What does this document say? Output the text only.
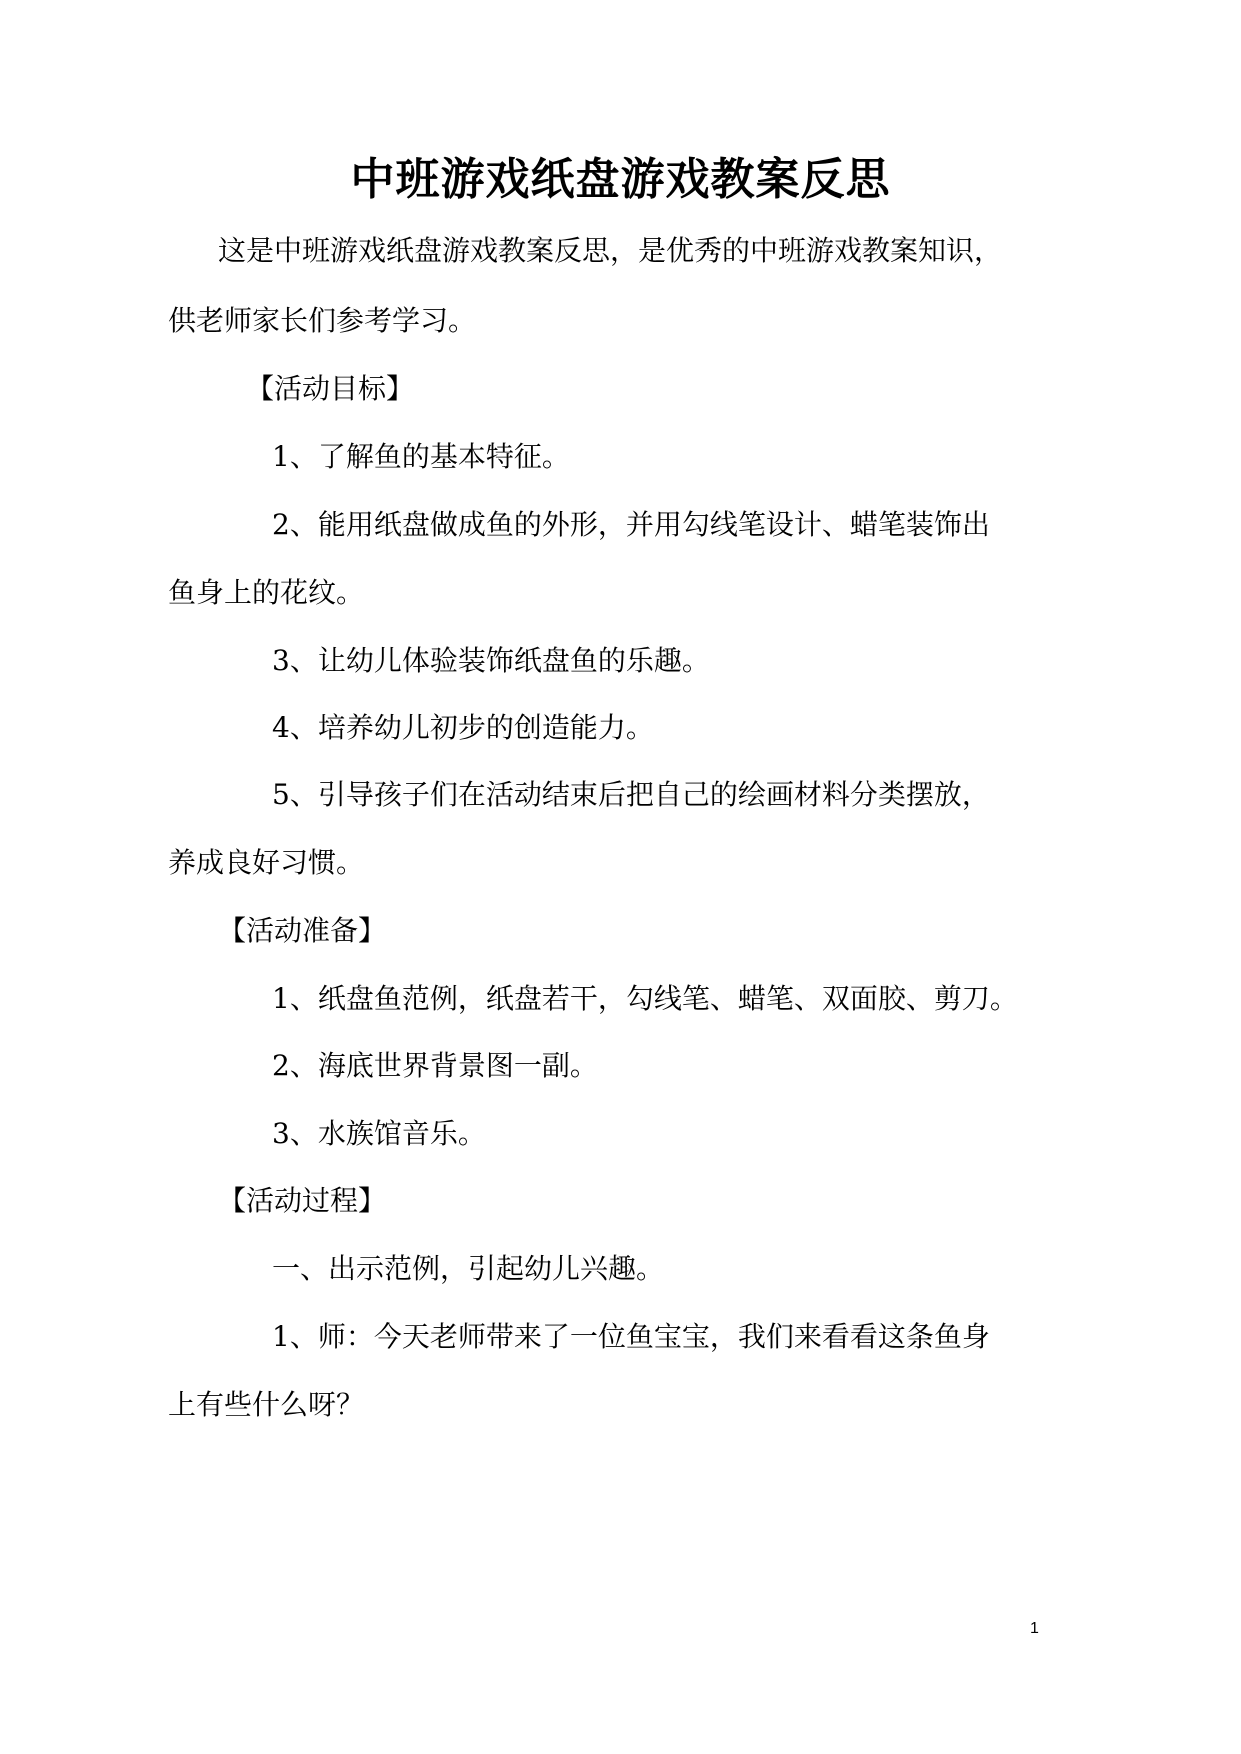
中班游戏纸盘游戏教案反思
这是中班游戏纸盘游戏教案反思，是优秀的中班游戏教案知识，
供老师家长们参考学习。
【活动目标】
1、了解鱼的基本特征。
2、能用纸盘做成鱼的外形，并用勾线笔设计、蜡笔装饰出
鱼身上的花纹。
3、让幼儿体验装饰纸盘鱼的乐趣。
4、培养幼儿初步的创造能力。
5、引导孩子们在活动结束后把自己的绘画材料分类摆放，
养成良好习惯。
【活动准备】
1、纸盘鱼范例，纸盘若干，勾线笔、蜡笔、双面胶、剪刀。
2、海底世界背景图一副。
3、水族馆音乐。
【活动过程】
一、出示范例，引起幼儿兴趣。
1、师：今天老师带来了一位鱼宝宝，我们来看看这条鱼身
上有些什么呀？
1
